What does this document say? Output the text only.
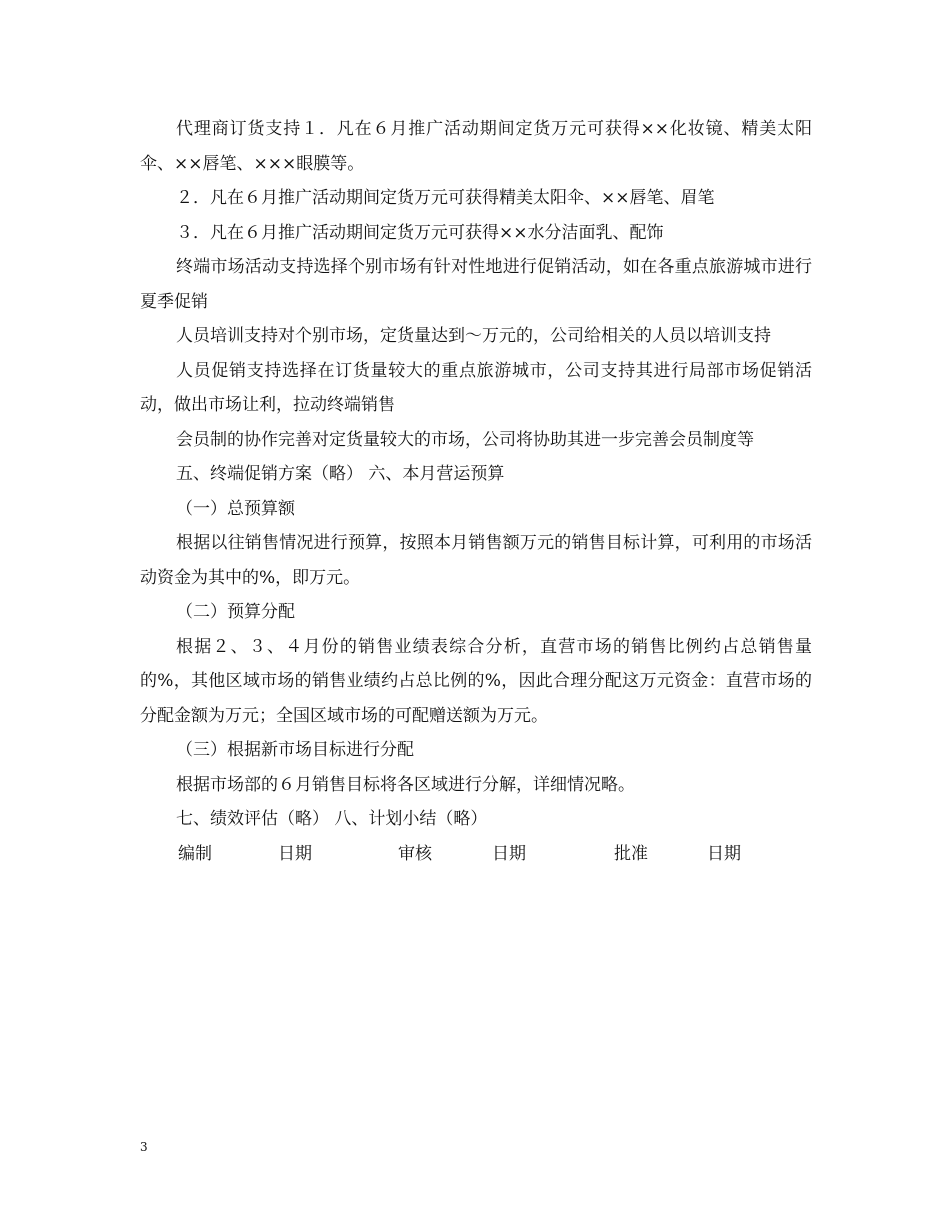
代理商订货支持１．凡在６月推广活动期间定货万元可获得××化妆镜、精美太阳伞、××唇笔、×××眼膜等。

２．凡在６月推广活动期间定货万元可获得精美太阳伞、××唇笔、眉笔

３．凡在６月推广活动期间定货万元可获得××水分洁面乳、配饰

终端市场活动支持选择个别市场有针对性地进行促销活动，如在各重点旅游城市进行夏季促销

人员培训支持对个别市场，定货量达到～万元的，公司给相关的人员以培训支持

人员促销支持选择在订货量较大的重点旅游城市，公司支持其进行局部市场促销活动，做出市场让利，拉动终端销售

会员制的协作完善对定货量较大的市场，公司将协助其进一步完善会员制度等

五、终端促销方案（略） 六、本月营运预算

（一）总预算额

根据以往销售情况进行预算，按照本月销售额万元的销售目标计算，可利用的市场活动资金为其中的%，即万元。

（二）预算分配

根据２、３、４月份的销售业绩表综合分析，直营市场的销售比例约占总销售量的%，其他区域市场的销售业绩约占总比例的%，因此合理分配这万元资金：直营市场的分配金额为万元；全国区域市场的可配赠送额为万元。

（三）根据新市场目标进行分配

根据市场部的６月销售目标将各区域进行分解，详细情况略。

七、绩效评估（略） 八、计划小结（略）

编制	日期	审核	日期	批准	日期
3
